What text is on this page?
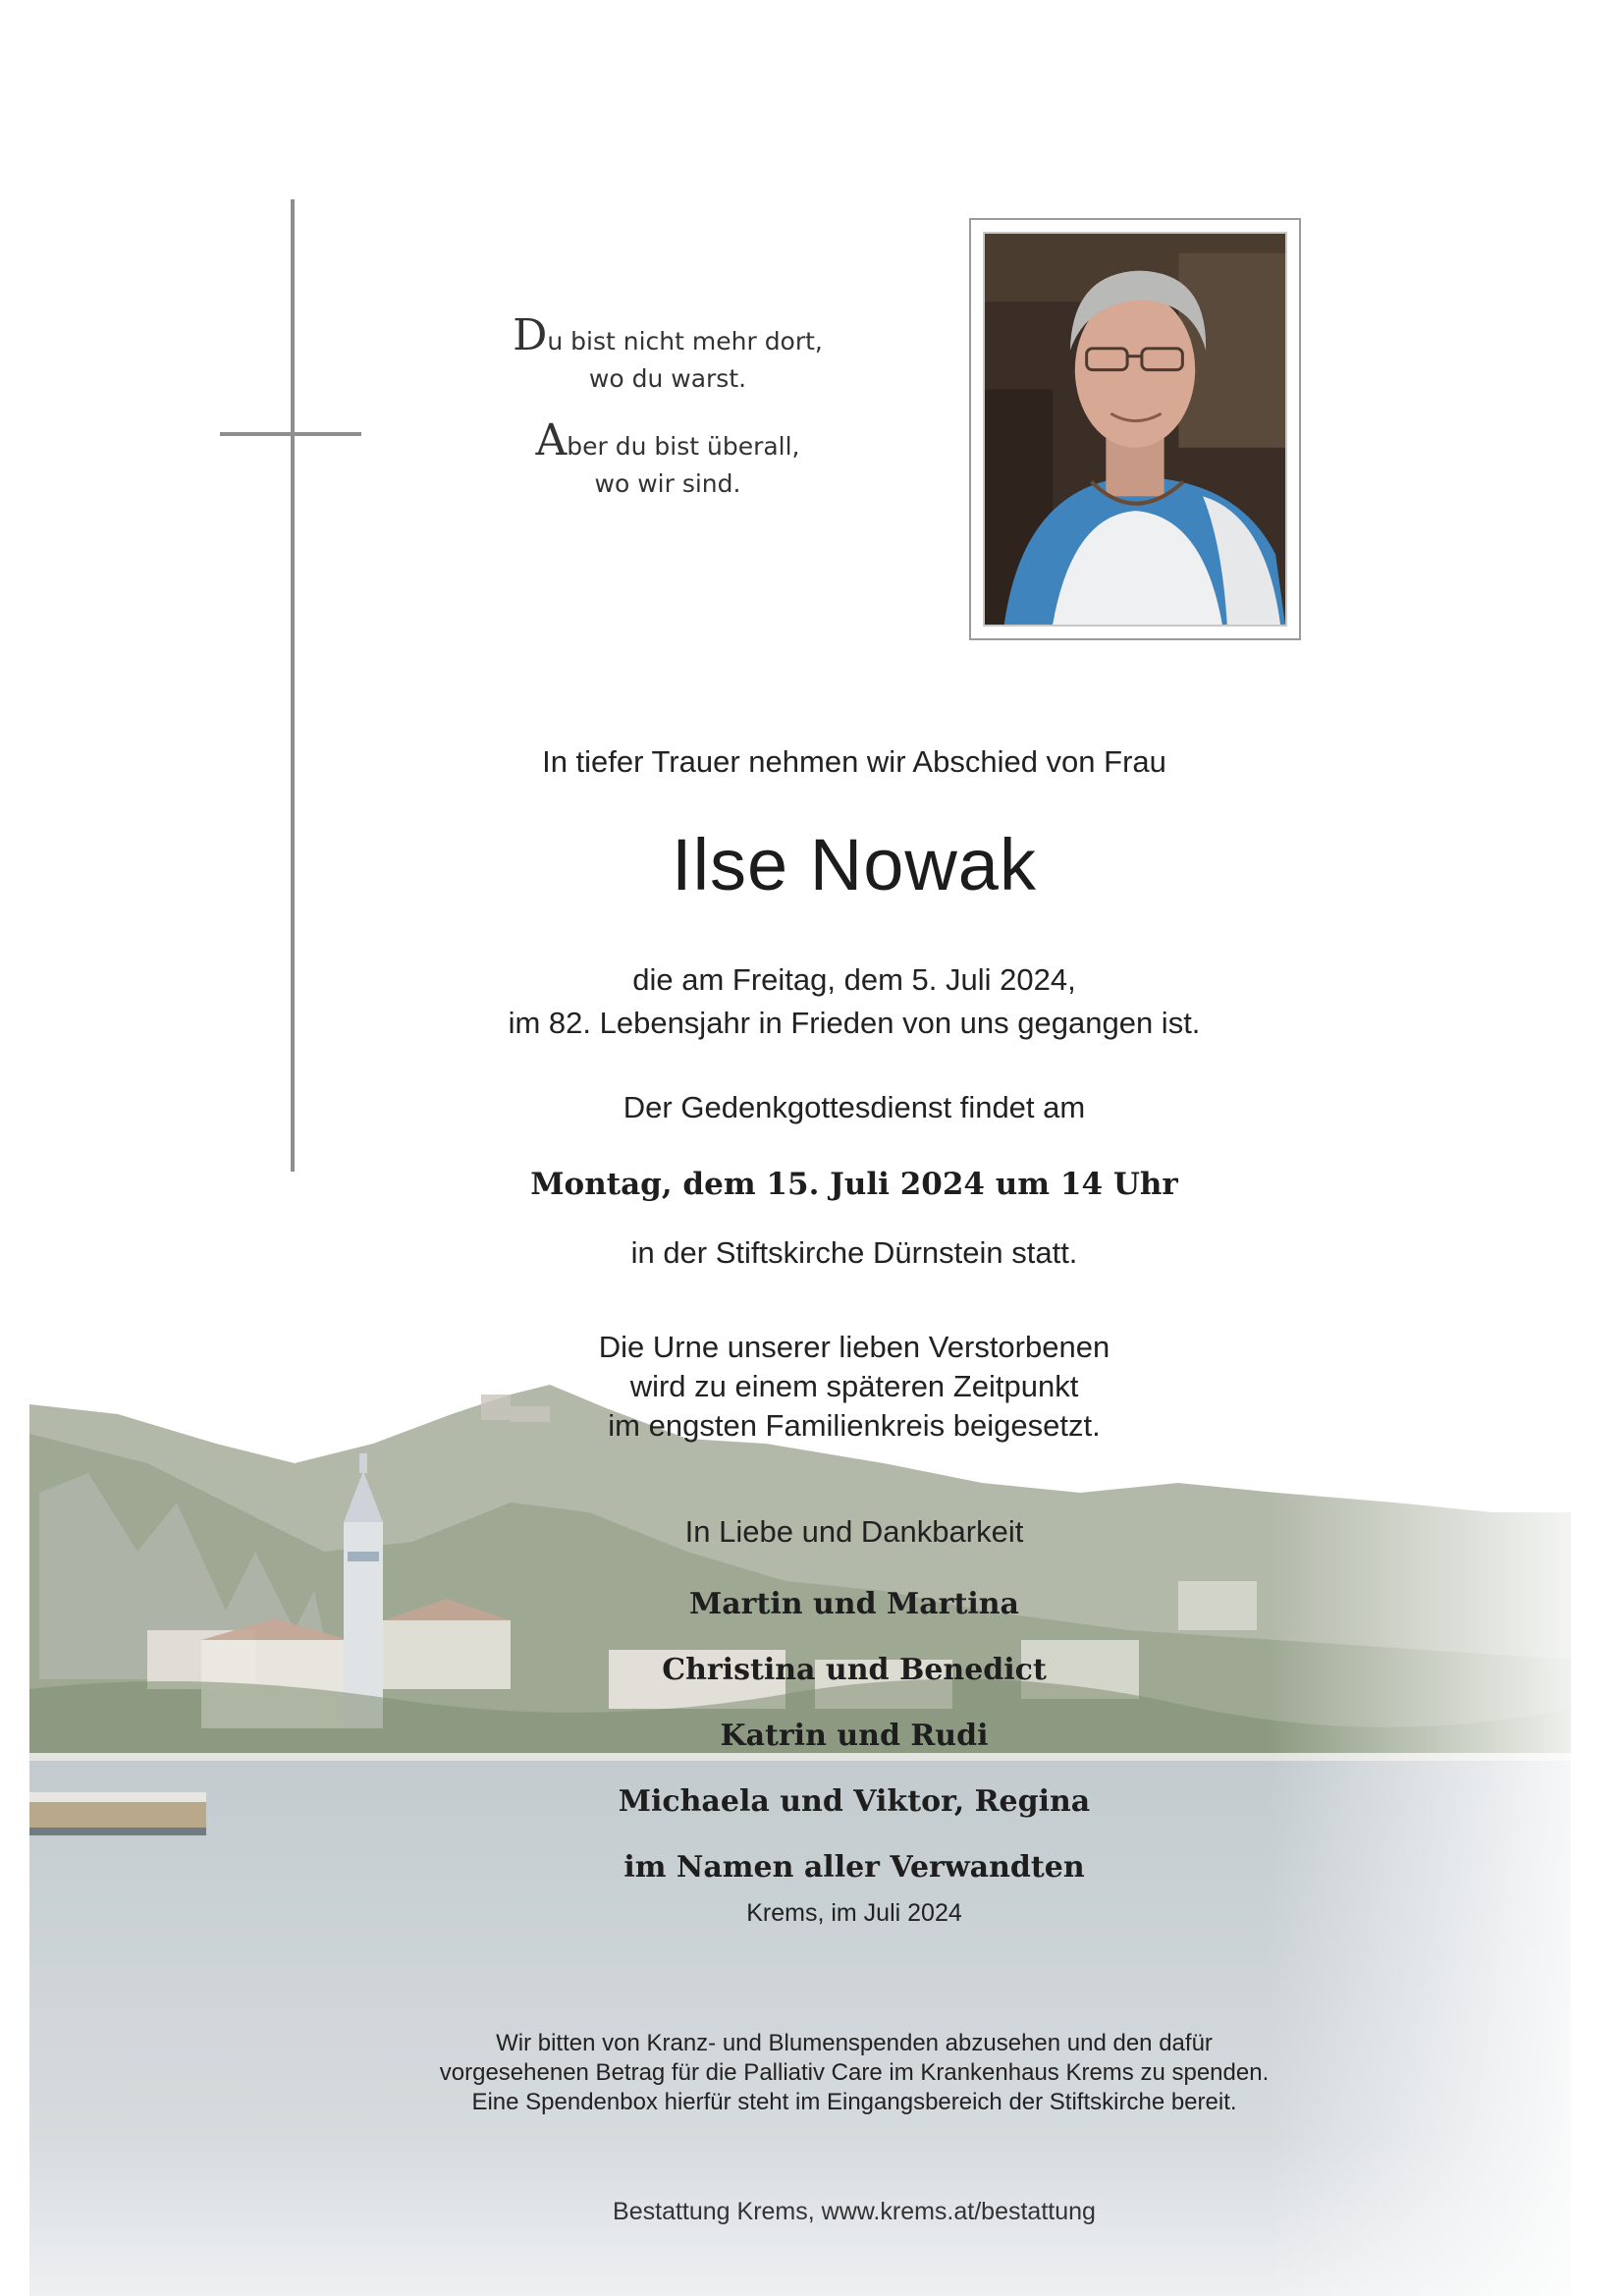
Du bist nicht mehr dort,
wo du warst.
Aber du bist überall,
wo wir sind.
In tiefer Trauer nehmen wir Abschied von Frau
Ilse Nowak
die am Freitag, dem 5. Juli 2024,
im 82. Lebensjahr in Frieden von uns gegangen ist.
Der Gedenkgottesdienst findet am
Montag, dem 15. Juli 2024 um 14 Uhr
in der Stiftskirche Dürnstein statt.
Die Urne unserer lieben Verstorbenen
wird zu einem späteren Zeitpunkt
im engsten Familienkreis beigesetzt.
In Liebe und Dankbarkeit
Martin und Martina
Christina und Benedict
Katrin und Rudi
Michaela und Viktor, Regina
im Namen aller Verwandten
Krems, im Juli 2024
Wir bitten von Kranz- und Blumenspenden abzusehen und den dafür
vorgesehenen Betrag für die Palliativ Care im Krankenhaus Krems zu spenden.
Eine Spendenbox hierfür steht im Eingangsbereich der Stiftskirche bereit.
Bestattung Krems, www.krems.at/bestattung
